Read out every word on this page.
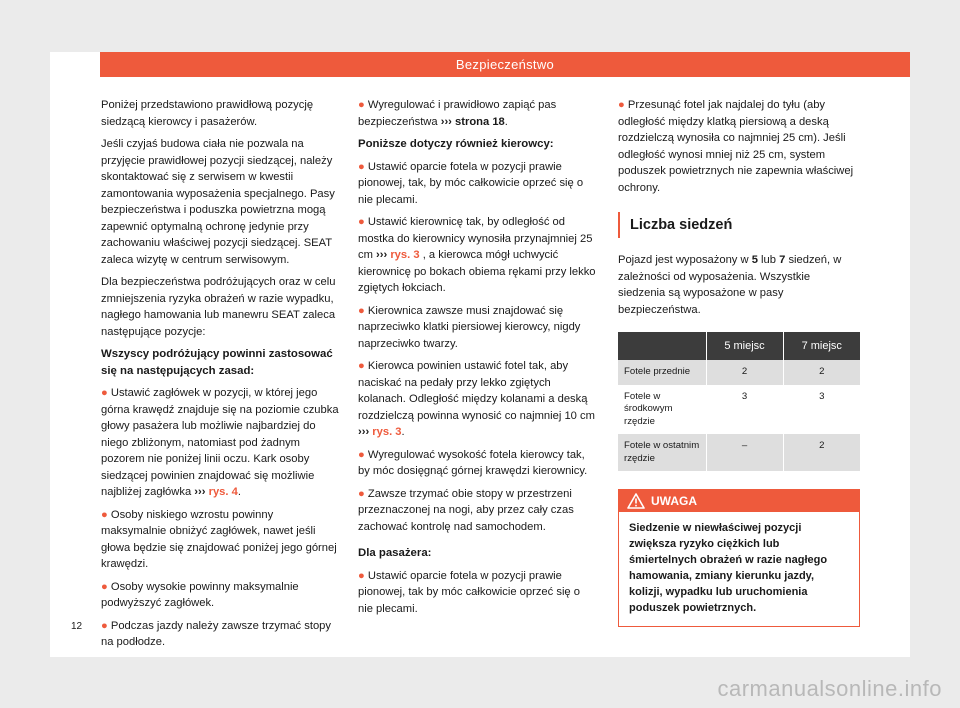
Bezpieczeństwo

Poniżej przedstawiono prawidłową pozycję siedzącą kierowcy i pasażerów.

Jeśli czyjaś budowa ciała nie pozwala na przyjęcie prawidłowej pozycji siedzącej, należy skontaktować się z serwisem w kwestii zamontowania wyposażenia specjalnego. Pasy bezpieczeństwa i poduszka powietrzna mogą zapewnić optymalną ochronę jedynie przy zachowaniu właściwej pozycji siedzącej. SEAT zaleca wizytę w centrum serwisowym.

Dla bezpieczeństwa podróżujących oraz w celu zmniejszenia ryzyka obrażeń w razie wypadku, nagłego hamowania lub manewru SEAT zaleca następujące pozycje:

Wszyscy podróżujący powinni zastosować się na następujących zasad:

● Ustawić zagłówek w pozycji, w której jego górna krawędź znajduje się na poziomie czubka głowy pasażera lub możliwie najbardziej do niego zbliżonym, natomiast pod żadnym pozorem nie poniżej linii oczu. Kark osoby siedzącej powinien znajdować się możliwie najbliżej zagłówka ››› rys. 4.

● Osoby niskiego wzrostu powinny maksymalnie obniżyć zagłówek, nawet jeśli głowa będzie się znajdować poniżej jego górnej krawędzi.

● Osoby wysokie powinny maksymalnie podwyższyć zagłówek.

● Podczas jazdy należy zawsze trzymać stopy na podłodze.

● Wyregulować i prawidłowo zapiąć pas bezpieczeństwa ››› strona 18.

Poniższe dotyczy również kierowcy:

● Ustawić oparcie fotela w pozycji prawie pionowej, tak, by móc całkowicie oprzeć się o nie plecami.

● Ustawić kierownicę tak, by odległość od mostka do kierownicy wynosiła przynajmniej 25 cm ››› rys. 3 , a kierowca mógł uchwycić kierownicę po bokach obiema rękami przy lekko zgiętych łokciach.

● Kierownica zawsze musi znajdować się naprzeciwko klatki piersiowej kierowcy, nigdy naprzeciwko twarzy.

● Kierowca powinien ustawić fotel tak, aby naciskać na pedały przy lekko zgiętych kolanach. Odległość między kolanami a deską rozdzielczą powinna wynosić co najmniej 10 cm ››› rys. 3.

● Wyregulować wysokość fotela kierowcy tak, by móc dosięgnąć górnej krawędzi kierownicy.

● Zawsze trzymać obie stopy w przestrzeni przeznaczonej na nogi, aby przez cały czas zachować kontrolę nad samochodem.

Dla pasażera:

● Ustawić oparcie fotela w pozycji prawie pionowej, tak by móc całkowicie oprzeć się o nie plecami.

● Przesunąć fotel jak najdalej do tyłu (aby odległość między klatką piersiową a deską rozdzielczą wynosiła co najmniej 25 cm). Jeśli odległość wynosi mniej niż 25 cm, system poduszek powietrznych nie zapewnia właściwej ochrony.

Liczba siedzeń

Pojazd jest wyposażony w 5 lub 7 siedzeń, w zależności od wyposażenia. Wszystkie siedzenia są wyposażone w pasy bezpieczeństwa.

	5 miejsc	7 miejsc
Fotele przednie	2	2
Fotele w środkowym rzędzie	3	3
Fotele w ostatnim rzędzie	–	2
UWAGA
Siedzenie w niewłaściwej pozycji zwiększa ryzyko ciężkich lub śmiertelnych obrażeń w razie nagłego hamowania, zmiany kierunku jazdy, kolizji, wypadku lub uruchomienia poduszek powietrznych.
12
carmanualsonline.info
